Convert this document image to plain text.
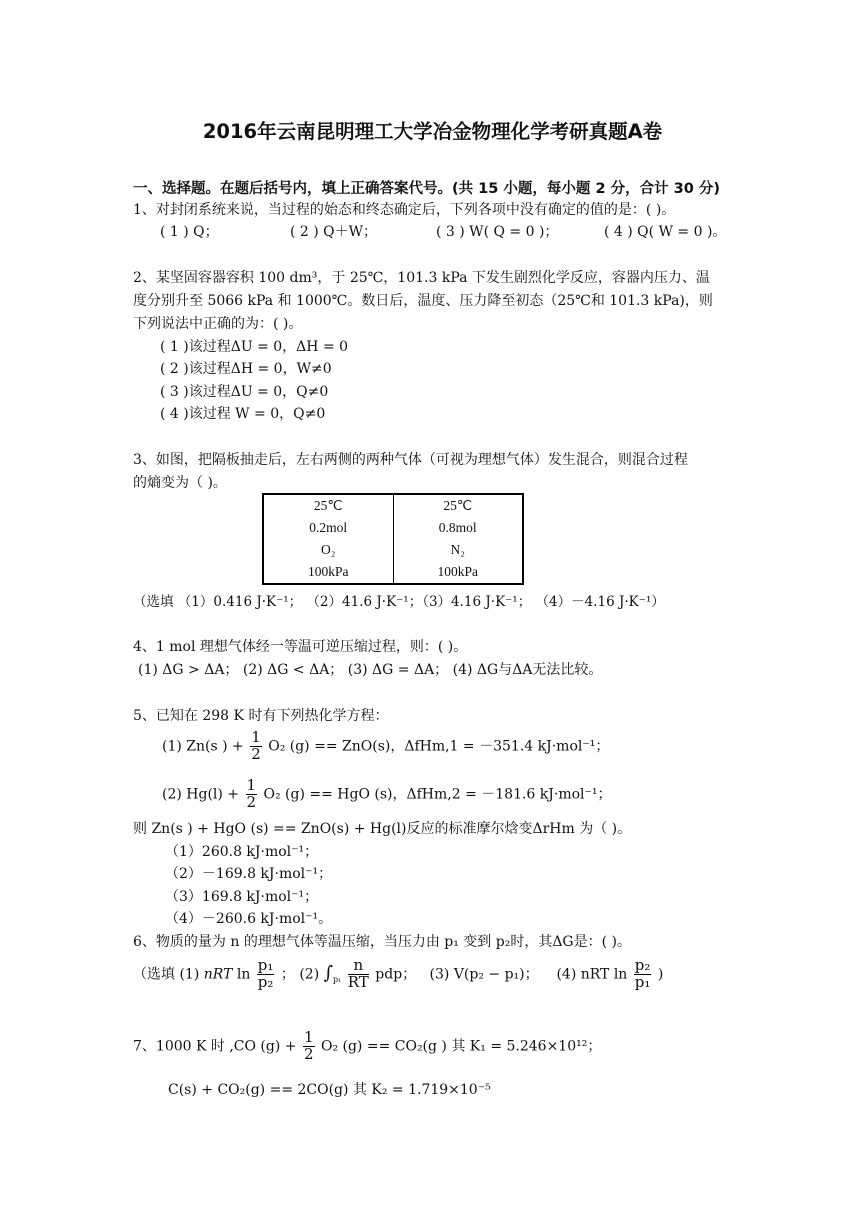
2016年云南昆明理工大学冶金物理化学考研真题A卷
一、选择题。在题后括号内，填上正确答案代号。(共 15 小题，每小题 2 分，合计 30 分)
1、对封闭系统来说，当过程的始态和终态确定后，下列各项中没有确定的值的是：( )。
( 1 ) Q；	( 2 ) Q＋W；	( 3 ) W( Q = 0 )；	( 4 ) Q( W = 0 )。
2、某坚固容器容积 100 dm³，于 25℃，101.3 kPa 下发生剧烈化学反应，容器内压力、温
度分别升至 5066 kPa 和 1000℃。数日后，温度、压力降至初态（25℃和 101.3 kPa)，则
下列说法中正确的为：( )。
( 1 )该过程ΔU = 0，ΔH = 0
( 2 )该过程ΔH = 0，W≠0
( 3 )该过程ΔU = 0，Q≠0
( 4 )该过程 W = 0，Q≠0
3、如图，把隔板抽走后，左右两侧的两种气体（可视为理想气体）发生混合，则混合过程
的熵变为（ )。
25℃	25℃
0.2mol	0.8mol
O₂	N₂
100kPa	100kPa
（选填 （1）0.416 J·K⁻¹； （2）41.6 J·K⁻¹；（3）4.16 J·K⁻¹； （4）－4.16 J·K⁻¹）
4、1 mol 理想气体经一等温可逆压缩过程，则：( )。
(1) ΔG > ΔA； (2) ΔG < ΔA； (3) ΔG = ΔA； (4) ΔG与ΔA无法比较。
5、已知在 298 K 时有下列热化学方程：
(1) Zn(s ) + $\frac{1}{2} O_2$ (g) == ZnO(s)，ΔfHm,1 = －351.4 kJ·mol⁻¹；
(2) $Hg(l) + \frac{1}{2} O_2$ (g) == HgO (s)，ΔfHm,2 = －181.6 kJ·mol⁻¹；
则 Zn(s ) + HgO (s) == ZnO(s) + Hg(l)反应的标准摩尔焓变ΔrHm 为（ )。
（1）260.8 kJ·mol⁻¹；
（2）－169.8 kJ·mol⁻¹；
（3）169.8 kJ·mol⁻¹；
（4）－260.6 kJ·mol⁻¹。
6、物质的量为 n 的理想气体等温压缩，当压力由 p₁ 变到 p₂时，其ΔG是：( )。
（选填 (1) nRT $\ln \frac{\text{p₁}}{\text{p₂}}$ ； (2) $\int_{p_1} \frac{n}{RT}$ pdp； (3) V(p₂ − p₁)； (4) nRT $\ln \frac{\text{p₂}}{\text{p₁}}$ )
7、1000 K 时 ,CO $(g) + \frac{1}{2} O_2$ (g) == CO₂(g ) 其 K₁ = 5.246×10¹²；
C(s) + CO₂(g) == 2CO(g) 其 K₂ = 1.719×10⁻⁵
